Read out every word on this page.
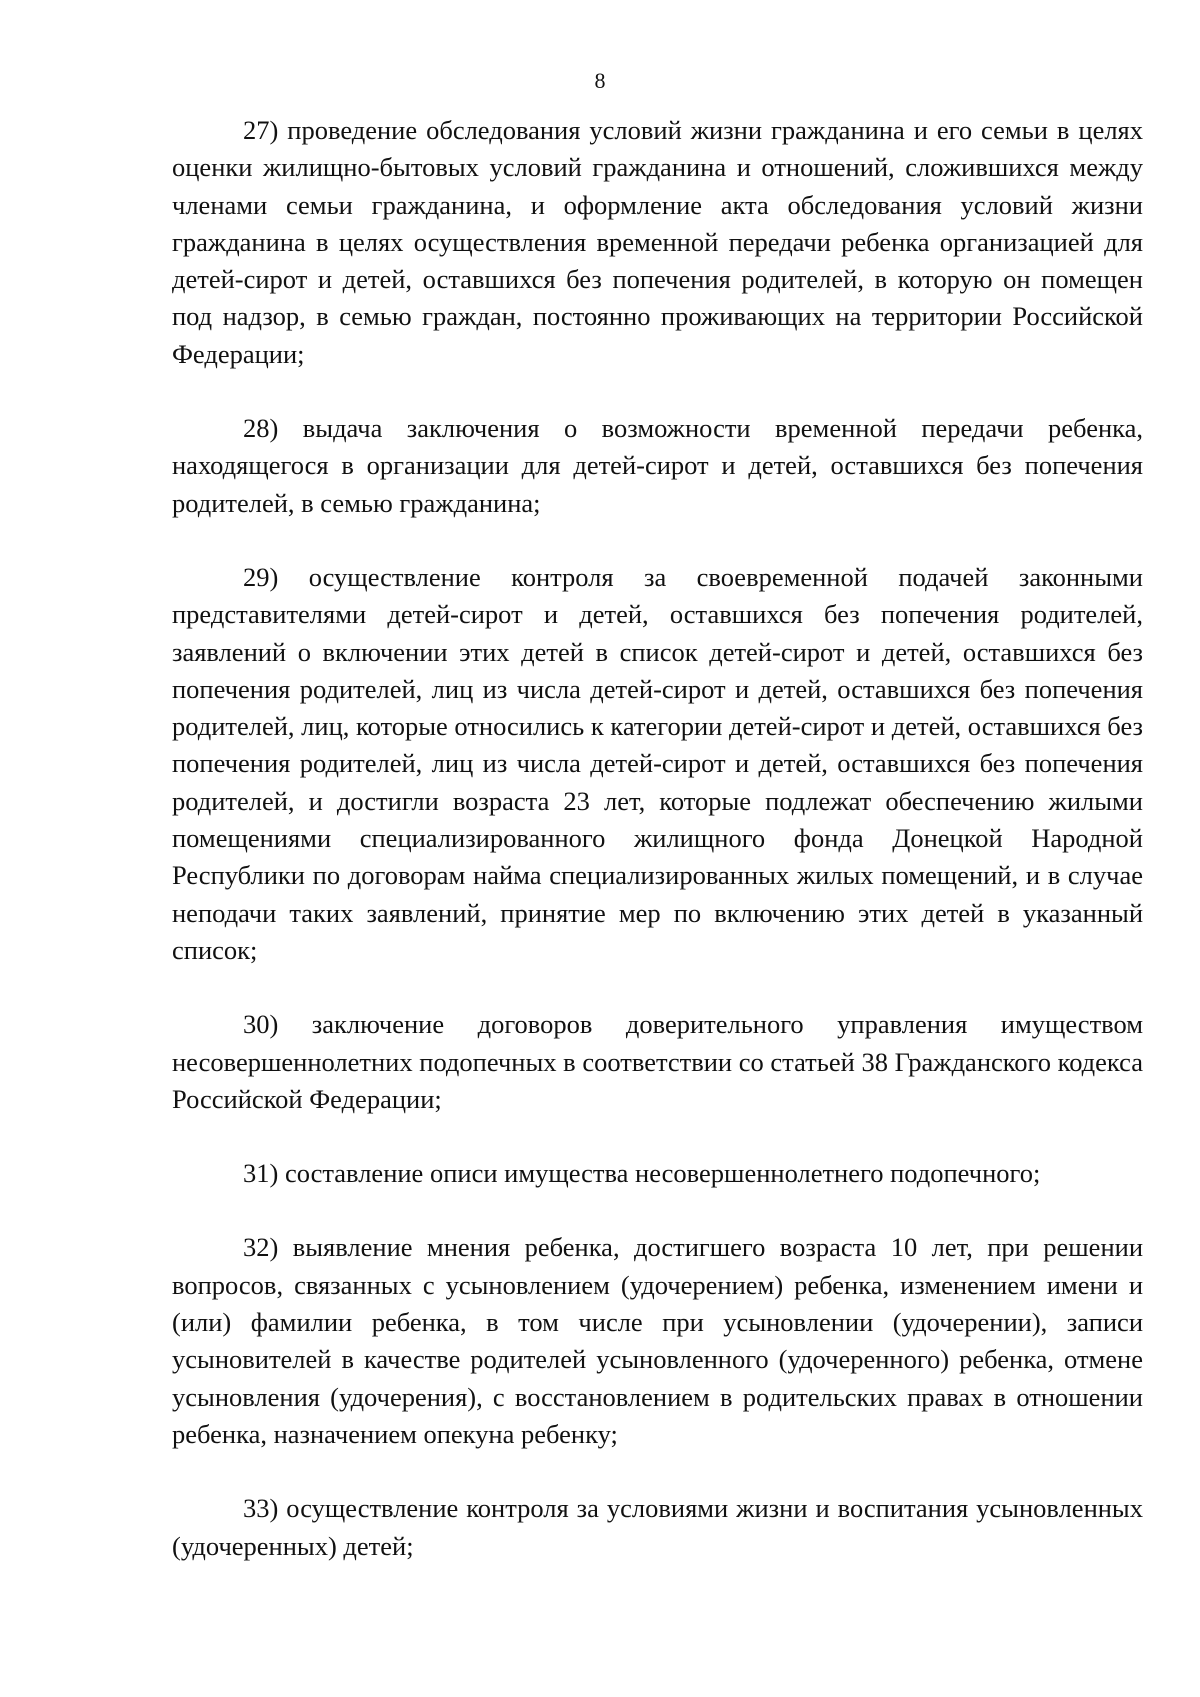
8

27) проведение обследования условий жизни гражданина и его семьи в целях оценки жилищно-бытовых условий гражданина и отношений, сложившихся между членами семьи гражданина, и оформление акта обследования условий жизни гражданина в целях осуществления временной передачи ребенка организацией для детей-сирот и детей, оставшихся без попечения родителей, в которую он помещен под надзор, в семью граждан, постоянно проживающих на территории Российской Федерации;

28) выдача заключения о возможности временной передачи ребенка, находящегося в организации для детей-сирот и детей, оставшихся без попечения родителей, в семью гражданина;

29) осуществление контроля за своевременной подачей законными представителями детей-сирот и детей, оставшихся без попечения родителей, заявлений о включении этих детей в список детей-сирот и детей, оставшихся без попечения родителей, лиц из числа детей-сирот и детей, оставшихся без попечения родителей, лиц, которые относились к категории детей-сирот и детей, оставшихся без попечения родителей, лиц из числа детей-сирот и детей, оставшихся без попечения родителей, и достигли возраста 23 лет, которые подлежат обеспечению жилыми помещениями специализированного жилищного фонда Донецкой Народной Республики по договорам найма специализированных жилых помещений, и в случае неподачи таких заявлений, принятие мер по включению этих детей в указанный список;

30) заключение договоров доверительного управления имуществом несовершеннолетних подопечных в соответствии со статьей 38 Гражданского кодекса Российской Федерации;

31) составление описи имущества несовершеннолетнего подопечного;

32) выявление мнения ребенка, достигшего возраста 10 лет, при решении вопросов, связанных с усыновлением (удочерением) ребенка, изменением имени и (или) фамилии ребенка, в том числе при усыновлении (удочерении), записи усыновителей в качестве родителей усыновленного (удочеренного) ребенка, отмене усыновления (удочерения), с восстановлением в родительских правах в отношении ребенка, назначением опекуна ребенку;

33) осуществление контроля за условиями жизни и воспитания усыновленных (удочеренных) детей;
